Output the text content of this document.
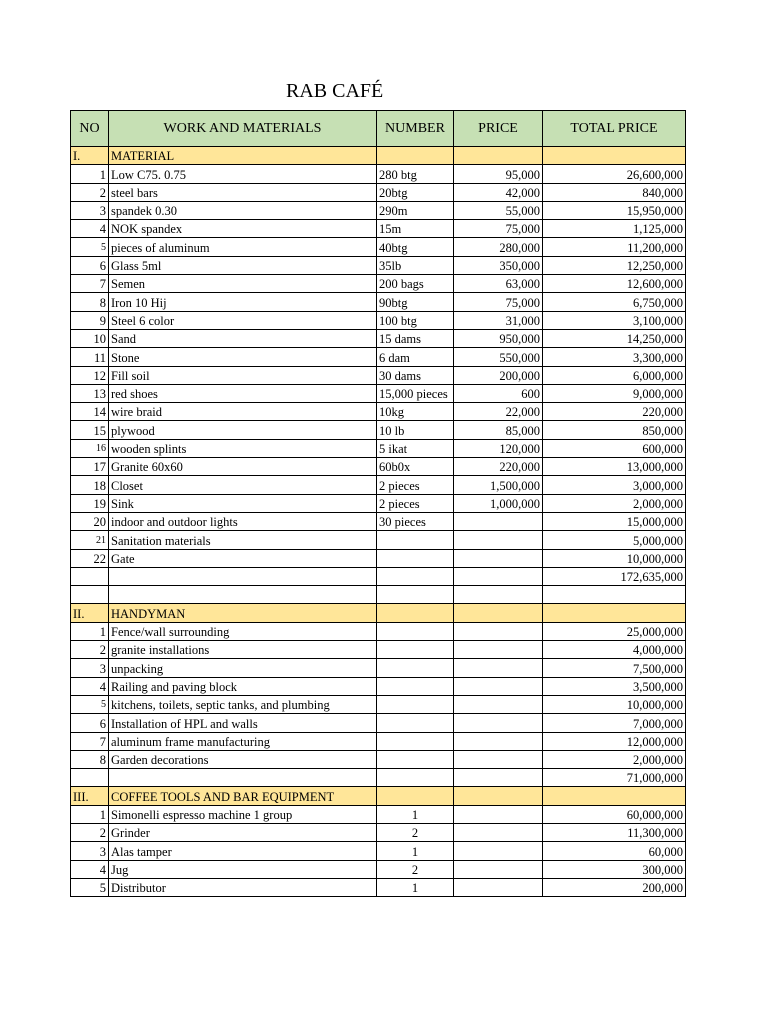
RAB CAFÉ
NO	WORK AND MATERIALS	NUMBER	PRICE	TOTAL PRICE
I.	MATERIAL			
1	Low C75. 0.75	280 btg	95,000	26,600,000
2	steel bars	20btg	42,000	840,000
3	spandek 0.30	290m	55,000	15,950,000
4	NOK spandex	15m	75,000	1,125,000
5	pieces of aluminum	40btg	280,000	11,200,000
6	Glass 5ml	35lb	350,000	12,250,000
7	Semen	200 bags	63,000	12,600,000
8	Iron 10 Hij	90btg	75,000	6,750,000
9	Steel 6 color	100 btg	31,000	3,100,000
10	Sand	15 dams	950,000	14,250,000
11	Stone	6 dam	550,000	3,300,000
12	Fill soil	30 dams	200,000	6,000,000
13	red shoes	15,000 pieces	600	9,000,000
14	wire braid	10kg	22,000	220,000
15	plywood	10 lb	85,000	850,000
16	wooden splints	5 ikat	120,000	600,000
17	Granite 60x60	60b0x	220,000	13,000,000
18	Closet	2 pieces	1,500,000	3,000,000
19	Sink	2 pieces	1,000,000	2,000,000
20	indoor and outdoor lights	30 pieces		15,000,000
21	Sanitation materials			5,000,000
22	Gate			10,000,000
				172,635,000

II.	HANDYMAN			
1	Fence/wall surrounding			25,000,000
2	granite installations			4,000,000
3	unpacking			7,500,000
4	Railing and paving block			3,500,000
5	kitchens, toilets, septic tanks, and plumbing			10,000,000
6	Installation of HPL and walls			7,000,000
7	aluminum frame manufacturing			12,000,000
8	Garden decorations			2,000,000
				71,000,000
III.	COFFEE TOOLS AND BAR EQUIPMENT			
1	Simonelli espresso machine 1 group	1		60,000,000
2	Grinder	2		11,300,000
3	Alas tamper	1		60,000
4	Jug	2		300,000
5	Distributor	1		200,000
